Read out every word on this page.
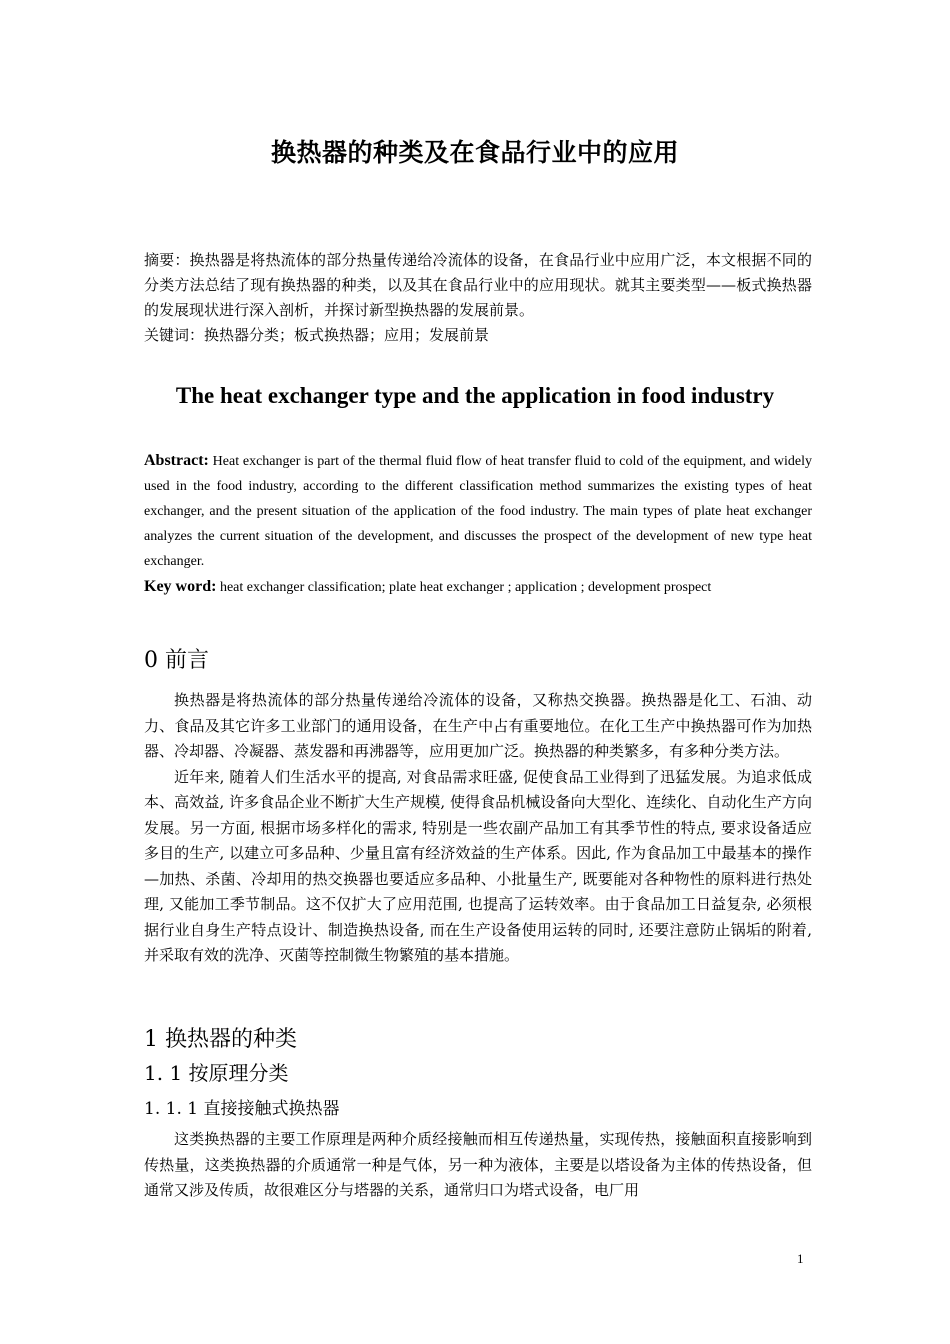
换热器的种类及在食品行业中的应用

摘要：换热器是将热流体的部分热量传递给冷流体的设备，在食品行业中应用广泛，本文根据不同的分类方法总结了现有换热器的种类，以及其在食品行业中的应用现状。就其主要类型——板式换热器的发展现状进行深入剖析，并探讨新型换热器的发展前景。

关键词：换热器分类；板式换热器；应用；发展前景

The heat exchanger type and the application in food industry

Abstract: Heat exchanger is part of the thermal fluid flow of heat transfer fluid to cold of the equipment, and widely used in the food industry, according to the different classification method summarizes the existing types of heat exchanger, and the present situation of the application of the food industry. The main types of plate heat exchanger analyzes the current situation of the development, and discusses the prospect of the development of new type heat exchanger.

Key word: heat exchanger classification; plate heat exchanger ; application ; development prospect

0 前言

换热器是将热流体的部分热量传递给冷流体的设备，又称热交换器。换热器是化工、石油、动力、食品及其它许多工业部门的通用设备，在生产中占有重要地位。在化工生产中换热器可作为加热器、冷却器、冷凝器、蒸发器和再沸器等，应用更加广泛。换热器的种类繁多，有多种分类方法。

近年来, 随着人们生活水平的提高, 对食品需求旺盛, 促使食品工业得到了迅猛发展。为追求低成本、高效益, 许多食品企业不断扩大生产规模, 使得食品机械设备向大型化、连续化、自动化生产方向发展。另一方面, 根据市场多样化的需求, 特别是一些农副产品加工有其季节性的特点, 要求设备适应多目的生产, 以建立可多品种、少量且富有经济效益的生产体系。因此, 作为食品加工中最基本的操作—加热、杀菌、冷却用的热交换器也要适应多品种、小批量生产, 既要能对各种物性的原料进行热处理, 又能加工季节制品。这不仅扩大了应用范围, 也提高了运转效率。由于食品加工日益复杂, 必须根据行业自身生产特点设计、制造换热设备, 而在生产设备使用运转的同时, 还要注意防止锅垢的附着, 并采取有效的洗净、灭菌等控制微生物繁殖的基本措施。

1 换热器的种类
1. 1 按原理分类
1. 1. 1 直接接触式换热器

这类换热器的主要工作原理是两种介质经接触而相互传递热量，实现传热，接触面积直接影响到传热量，这类换热器的介质通常一种是气体，另一种为液体，主要是以塔设备为主体的传热设备，但通常又涉及传质，故很难区分与塔器的关系，通常归口为塔式设备，电厂用

1
